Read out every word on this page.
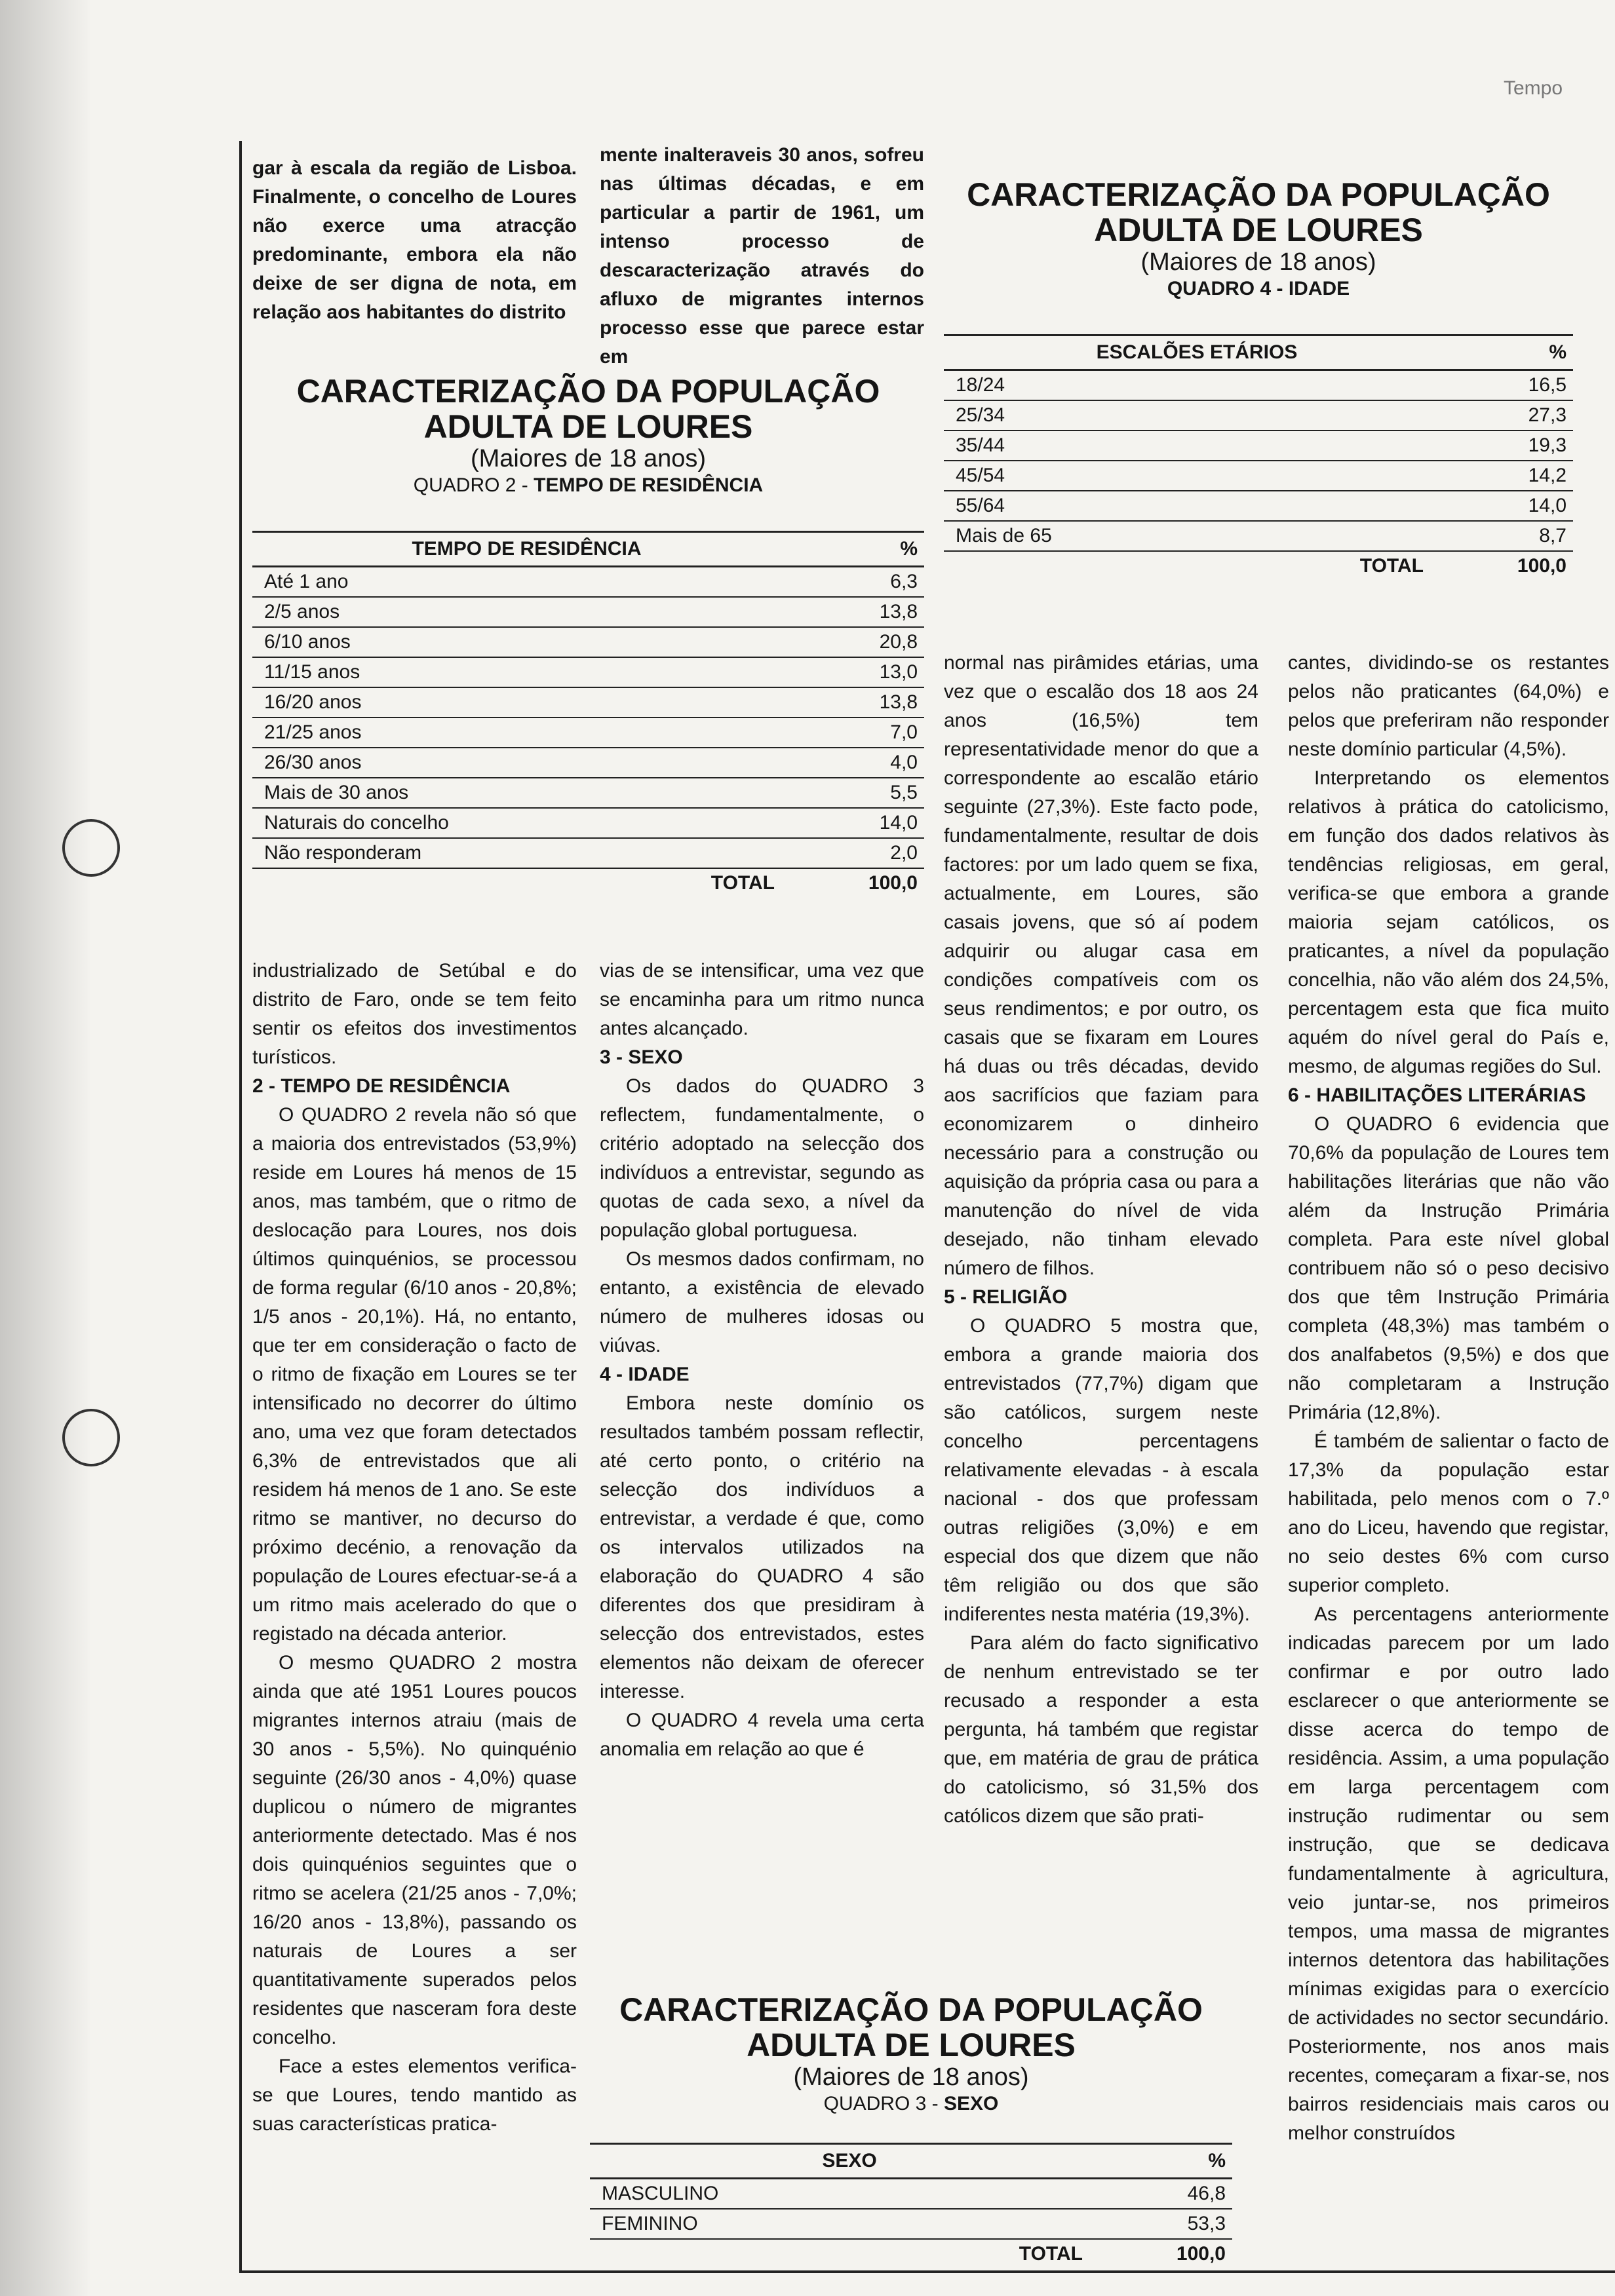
Tempo

gar à escala da região de Lisboa. Finalmente, o concelho de Loures não exerce uma atracção predominante, embora ela não deixe de ser digna de nota, em relação aos habitantes do distrito

mente inalteraveis 30 anos, sofreu nas últimas décadas, e em particular a partir de 1961, um intenso processo de descaracterização através do afluxo de migrantes internos processo esse que parece estar em

CARACTERIZAÇÃO DA POPULAÇÃO

ADULTA DE LOURES

(Maiores de 18 anos)

QUADRO 4 - IDADE

ESCALÕES ETÁRIOS	%
18/24	16,5
25/34	27,3
35/44	19,3
45/54	14,2
55/64	14,0
Mais de 65	8,7
TOTAL	100,0

CARACTERIZAÇÃO DA POPULAÇÃO

ADULTA DE LOURES

(Maiores de 18 anos)

QUADRO 2 - TEMPO DE RESIDÊNCIA

TEMPO DE RESIDÊNCIA	%
Até 1 ano	6,3
2/5 anos	13,8
6/10 anos	20,8
11/15 anos	13,0
16/20 anos	13,8
21/25 anos	7,0
26/30 anos	4,0
Mais de 30 anos	5,5
Naturais do concelho	14,0
Não responderam	2,0
TOTAL	100,0

industrializado de Setúbal e do distrito de Faro, onde se tem feito sentir os efeitos dos investimentos turísticos.

2 - TEMPO DE RESIDÊNCIA

O QUADRO 2 revela não só que a maioria dos entrevistados (53,9%) reside em Loures há menos de 15 anos, mas também, que o ritmo de deslocação para Loures, nos dois últimos quinquénios, se processou de forma regular (6/10 anos - 20,8%; 1/5 anos - 20,1%). Há, no entanto, que ter em consideração o facto de o ritmo de fixação em Loures se ter intensificado no decorrer do último ano, uma vez que foram detectados 6,3% de entrevistados que ali residem há menos de 1 ano. Se este ritmo se mantiver, no decurso do próximo decénio, a renovação da população de Loures efectuar-se-á a um ritmo mais acelerado do que o registado na década anterior.

O mesmo QUADRO 2 mostra ainda que até 1951 Loures poucos migrantes internos atraiu (mais de 30 anos - 5,5%). No quinquénio seguinte (26/30 anos - 4,0%) quase duplicou o número de migrantes anteriormente detectado. Mas é nos dois quinquénios seguintes que o ritmo se acelera (21/25 anos - 7,0%; 16/20 anos - 13,8%), passando os naturais de Loures a ser quantitativamente superados pelos residentes que nasceram fora deste concelho.

Face a estes elementos verifica-se que Loures, tendo mantido as suas características pratica-

vias de se intensificar, uma vez que se encaminha para um ritmo nunca antes alcançado.

3 - SEXO

Os dados do QUADRO 3 reflectem, fundamentalmente, o critério adoptado na selecção dos indivíduos a entrevistar, segundo as quotas de cada sexo, a nível da população global portuguesa.

Os mesmos dados confirmam, no entanto, a existência de elevado número de mulheres idosas ou viúvas.

4 - IDADE

Embora neste domínio os resultados também possam reflectir, até certo ponto, o critério na selecção dos indivíduos a entrevistar, a verdade é que, como os intervalos utilizados na elaboração do QUADRO 4 são diferentes dos que presidiram à selecção dos entrevistados, estes elementos não deixam de oferecer interesse.

O QUADRO 4 revela uma certa anomalia em relação ao que é

CARACTERIZAÇÃO DA POPULAÇÃO

ADULTA DE LOURES

(Maiores de 18 anos)

QUADRO 3 - SEXO

SEXO	%
MASCULINO	46,8
FEMININO	53,3
TOTAL	100,0

normal nas pirâmides etárias, uma vez que o escalão dos 18 aos 24 anos (16,5%) tem representatividade menor do que a correspondente ao escalão etário seguinte (27,3%). Este facto pode, fundamentalmente, resultar de dois factores: por um lado quem se fixa, actualmente, em Loures, são casais jovens, que só aí podem adquirir ou alugar casa em condições compatíveis com os seus rendimentos; e por outro, os casais que se fixaram em Loures há duas ou três décadas, devido aos sacrifícios que faziam para economizarem o dinheiro necessário para a construção ou aquisição da própria casa ou para a manutenção do nível de vida desejado, não tinham elevado número de filhos.

5 - RELIGIÃO

O QUADRO 5 mostra que, embora a grande maioria dos entrevistados (77,7%) digam que são católicos, surgem neste concelho percentagens relativamente elevadas - à escala nacional - dos que professam outras religiões (3,0%) e em especial dos que dizem que não têm religião ou dos que são indiferentes nesta matéria (19,3%).

Para além do facto significativo de nenhum entrevistado se ter recusado a responder a esta pergunta, há também que registar que, em matéria de grau de prática do catolicismo, só 31,5% dos católicos dizem que são prati-

cantes, dividindo-se os restantes pelos não praticantes (64,0%) e pelos que preferiram não responder neste domínio particular (4,5%).

Interpretando os elementos relativos à prática do catolicismo, em função dos dados relativos às tendências religiosas, em geral, verifica-se que embora a grande maioria sejam católicos, os praticantes, a nível da população concelhia, não vão além dos 24,5%, percentagem esta que fica muito aquém do nível geral do País e, mesmo, de algumas regiões do Sul.

6 - HABILITAÇÕES LITERÁRIAS

O QUADRO 6 evidencia que 70,6% da população de Loures tem habilitações literárias que não vão além da Instrução Primária completa. Para este nível global contribuem não só o peso decisivo dos que têm Instrução Primária completa (48,3%) mas também o dos analfabetos (9,5%) e dos que não completaram a Instrução Primária (12,8%).

É também de salientar o facto de 17,3% da população estar habilitada, pelo menos com o 7.º ano do Liceu, havendo que registar, no seio destes 6% com curso superior completo.

As percentagens anteriormente indicadas parecem por um lado confirmar e por outro lado esclarecer o que anteriormente se disse acerca do tempo de residência. Assim, a uma população em larga percentagem com instrução rudimentar ou sem instrução, que se dedicava fundamentalmente à agricultura, veio juntar-se, nos primeiros tempos, uma massa de migrantes internos detentora das habilitações mínimas exigidas para o exercício de actividades no sector secundário. Posteriormente, nos anos mais recentes, começaram a fixar-se, nos bairros residenciais mais caros ou melhor construídos
